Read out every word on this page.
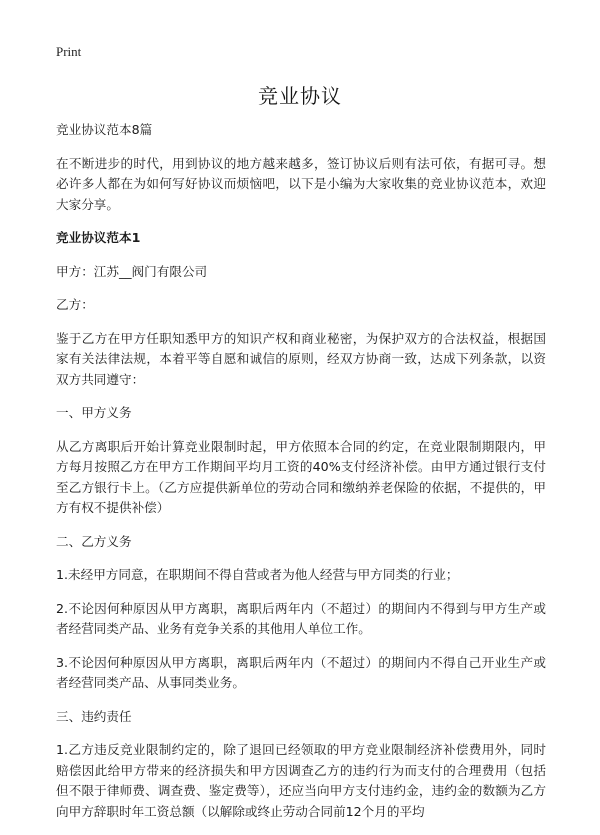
Print
竞业协议

竞业协议范本8篇

在不断进步的时代，用到协议的地方越来越多，签订协议后则有法可依，有据可寻。想必许多人都在为如何写好协议而烦恼吧，以下是小编为大家收集的竞业协议范本，欢迎大家分享。

竞业协议范本1

甲方：江苏__阀门有限公司

乙方：

鉴于乙方在甲方任职知悉甲方的知识产权和商业秘密，为保护双方的合法权益，根据国家有关法律法规，本着平等自愿和诚信的原则，经双方协商一致，达成下列条款，以资双方共同遵守：

一、甲方义务

从乙方离职后开始计算竞业限制时起，甲方依照本合同的约定，在竞业限制期限内，甲方每月按照乙方在甲方工作期间平均月工资的40%支付经济补偿。由甲方通过银行支付至乙方银行卡上。（乙方应提供新单位的劳动合同和缴纳养老保险的依据，不提供的，甲方有权不提供补偿）

二、乙方义务

1.未经甲方同意，在职期间不得自营或者为他人经营与甲方同类的行业；

2.不论因何种原因从甲方离职，离职后两年内（不超过）的期间内不得到与甲方生产或者经营同类产品、业务有竞争关系的其他用人单位工作。

3.不论因何种原因从甲方离职，离职后两年内（不超过）的期间内不得自己开业生产或者经营同类产品、从事同类业务。

三、违约责任

1.乙方违反竞业限制约定的，除了退回已经领取的甲方竞业限制经济补偿费用外，同时赔偿因此给甲方带来的经济损失和甲方因调查乙方的违约行为而支付的合理费用（包括但不限于律师费、调查费、鉴定费等），还应当向甲方支付违约金，违约金的数额为乙方向甲方辞职时年工资总额（以解除或终止劳动合同前12个月的平均
